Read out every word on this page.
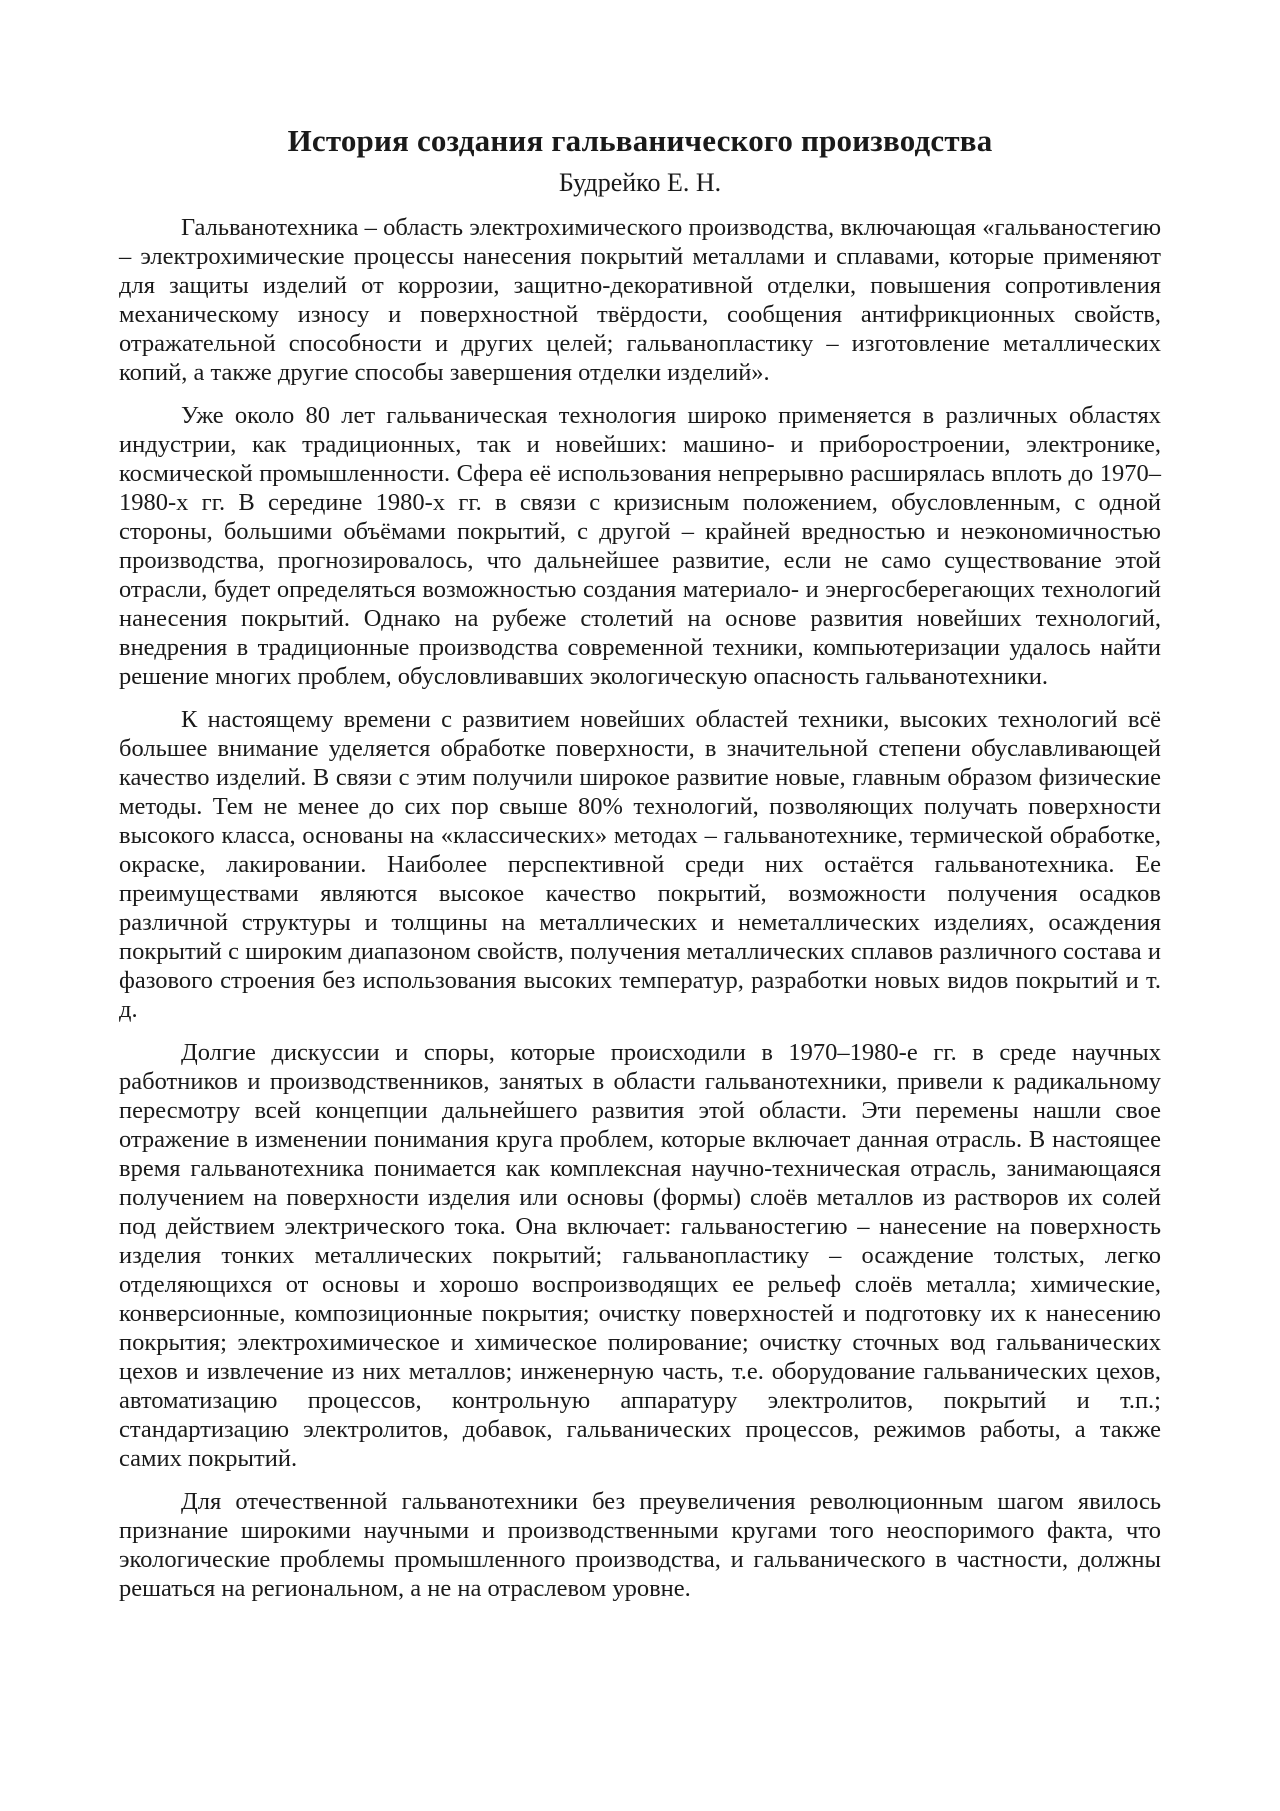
История создания гальванического производства
Будрейко Е. Н.

Гальванотехника – область электрохимического производства, включающая «гальваностегию – электрохимические процессы нанесения покрытий металлами и сплавами, которые применяют для защиты изделий от коррозии, защитно-декоративной отделки, повышения сопротивления механическому износу и поверхностной твёрдости, сообщения антифрикционных свойств, отражательной способности и других целей; гальванопластику – изготовление металлических копий, а также другие способы завершения отделки изделий».

Уже около 80 лет гальваническая технология широко применяется в различных областях индустрии, как традиционных, так и новейших: машино- и приборостроении, электронике, космической промышленности. Сфера её использования непрерывно расширялась вплоть до 1970–1980-х гг. В середине 1980-х гг. в связи с кризисным положением, обусловленным, с одной стороны, большими объёмами покрытий, с другой – крайней вредностью и неэкономичностью производства, прогнозировалось, что дальнейшее развитие, если не само существование этой отрасли, будет определяться возможностью создания материало- и энергосберегающих технологий нанесения покрытий. Однако на рубеже столетий на основе развития новейших технологий, внедрения в традиционные производства современной техники, компьютеризации удалось найти решение многих проблем, обусловливавших экологическую опасность гальванотехники.

К настоящему времени с развитием новейших областей техники, высоких технологий всё большее внимание уделяется обработке поверхности, в значительной степени обуславливающей качество изделий. В связи с этим получили широкое развитие новые, главным образом физические методы. Тем не менее до сих пор свыше 80% технологий, позволяющих получать поверхности высокого класса, основаны на «классических» методах – гальванотехнике, термической обработке, окраске, лакировании. Наиболее перспективной среди них остаётся гальванотехника. Ее преимуществами являются высокое качество покрытий, возможности получения осадков различной структуры и толщины на металлических и неметаллических изделиях, осаждения покрытий с широким диапазоном свойств, получения металлических сплавов различного состава и фазового строения без использования высоких температур, разработки новых видов покрытий и т. д.

Долгие дискуссии и споры, которые происходили в 1970–1980-е гг. в среде научных работников и производственников, занятых в области гальванотехники, привели к радикальному пересмотру всей концепции дальнейшего развития этой области. Эти перемены нашли свое отражение в изменении понимания круга проблем, которые включает данная отрасль. В настоящее время гальванотехника понимается как комплексная научно-техническая отрасль, занимающаяся получением на поверхности изделия или основы (формы) слоёв металлов из растворов их солей под действием электрического тока. Она включает: гальваностегию – нанесение на поверхность изделия тонких металлических покрытий; гальванопластику – осаждение толстых, легко отделяющихся от основы и хорошо воспроизводящих ее рельеф слоёв металла; химические, конверсионные, композиционные покрытия; очистку поверхностей и подготовку их к нанесению покрытия; электрохимическое и химическое полирование; очистку сточных вод гальванических цехов и извлечение из них металлов; инженерную часть, т.е. оборудование гальванических цехов, автоматизацию процессов, контрольную аппаратуру электролитов, покрытий и т.п.; стандартизацию электролитов, добавок, гальванических процессов, режимов работы, а также самих покрытий.

Для отечественной гальванотехники без преувеличения революционным шагом явилось признание широкими научными и производственными кругами того неоспоримого факта, что экологические проблемы промышленного производства, и гальванического в частности, должны решаться на региональном, а не на отраслевом уровне.
